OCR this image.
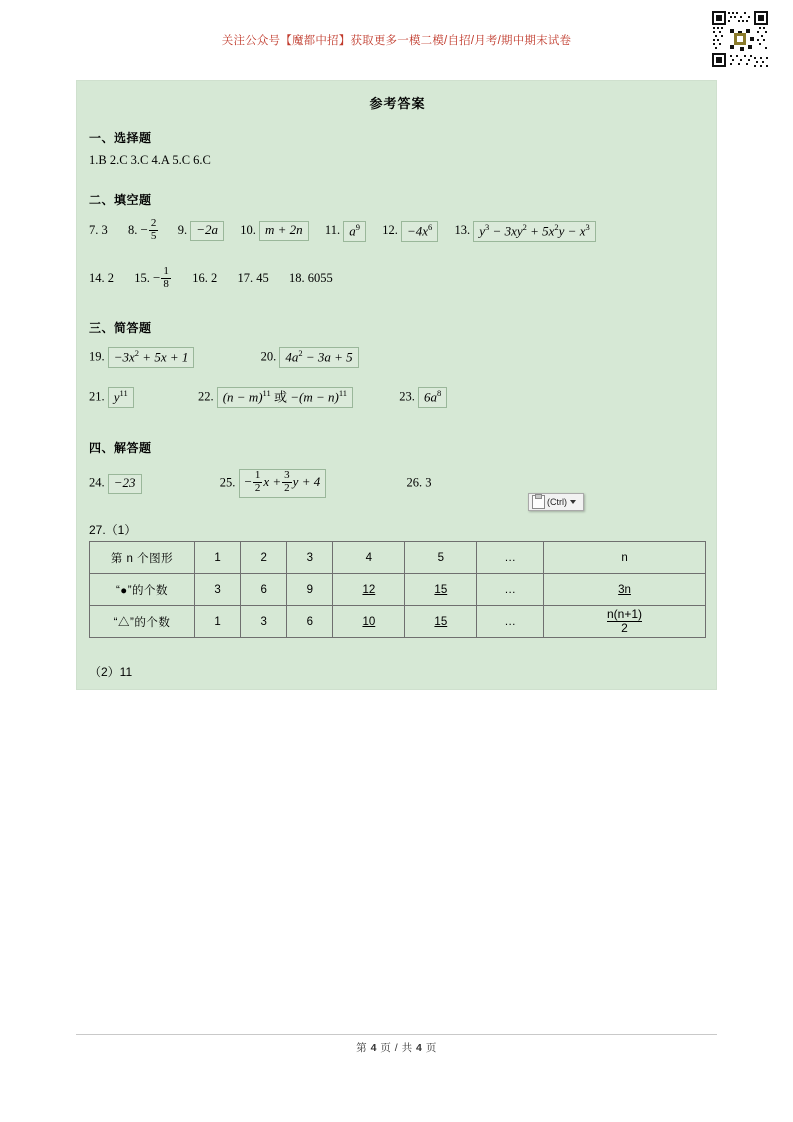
关注公众号【魔都中招】获取更多一模二模/自招/月考/期中期末试卷
参考答案
一、选择题
1.B 2.C 3.C 4.A 5.C 6.C
二、填空题
7. 3 8. − $\frac{2}{5} 9$. −2a 10. m + 2n 11. $a^9$ 12. $-4x^6$ 13. $y^3 - 3xy^2 + 5x^2y - x^3$
14. 2 15. − $\frac{1}{8} 16$. 2 17. 45 18. 6055
三、简答题
19. $-3x^2 + 5x + 1$	20. $4a^2 - 3a + 5$
21. $y^{11}$	22. $(n - m)^{11}$ 或 $-(m - n)^{11}$	23. $6a^8$
四、解答题
24. −23	25. − $\frac{1}{2}$ $x + \frac{3}{2}$ y + 4	26. 3
27.（1）
(Ctrl)
第 n 个图形	1	2	3	4	5	…	n
“●”的个数	3	6	9	12	15	…	3n
“△”的个数	1	3	6	10	15	…	$\frac{n(n+1)}{2}$
（2）11
第 4 页 / 共 4 页
